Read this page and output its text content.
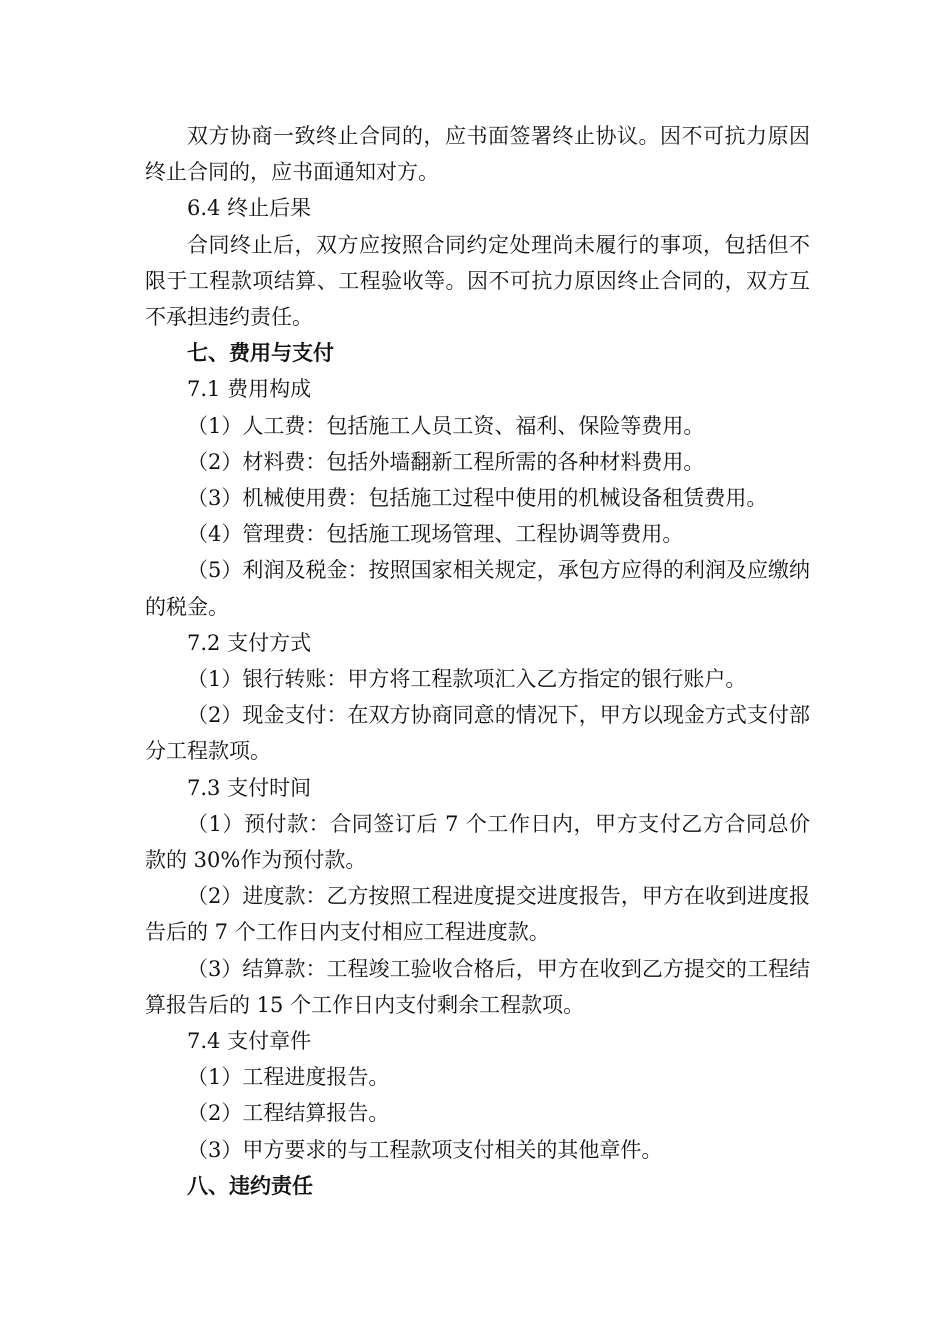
双方协商一致终止合同的，应书面签署终止协议。因不可抗力原因终止合同的，应书面通知对方。

6.4 终止后果

合同终止后，双方应按照合同约定处理尚未履行的事项，包括但不限于工程款项结算、工程验收等。因不可抗力原因终止合同的，双方互不承担违约责任。

七、费用与支付

7.1 费用构成

（1）人工费：包括施工人员工资、福利、保险等费用。

（2）材料费：包括外墙翻新工程所需的各种材料费用。

（3）机械使用费：包括施工过程中使用的机械设备租赁费用。

（4）管理费：包括施工现场管理、工程协调等费用。

（5）利润及税金：按照国家相关规定，承包方应得的利润及应缴纳的税金。

7.2 支付方式

（1）银行转账：甲方将工程款项汇入乙方指定的银行账户。

（2）现金支付：在双方协商同意的情况下，甲方以现金方式支付部分工程款项。

7.3 支付时间

（1）预付款：合同签订后 7 个工作日内，甲方支付乙方合同总价款的 30%作为预付款。

（2）进度款：乙方按照工程进度提交进度报告，甲方在收到进度报告后的 7 个工作日内支付相应工程进度款。

（3）结算款：工程竣工验收合格后，甲方在收到乙方提交的工程结算报告后的 15 个工作日内支付剩余工程款项。

7.4 支付章件

（1）工程进度报告。

（2）工程结算报告。

（3）甲方要求的与工程款项支付相关的其他章件。

八、违约责任
